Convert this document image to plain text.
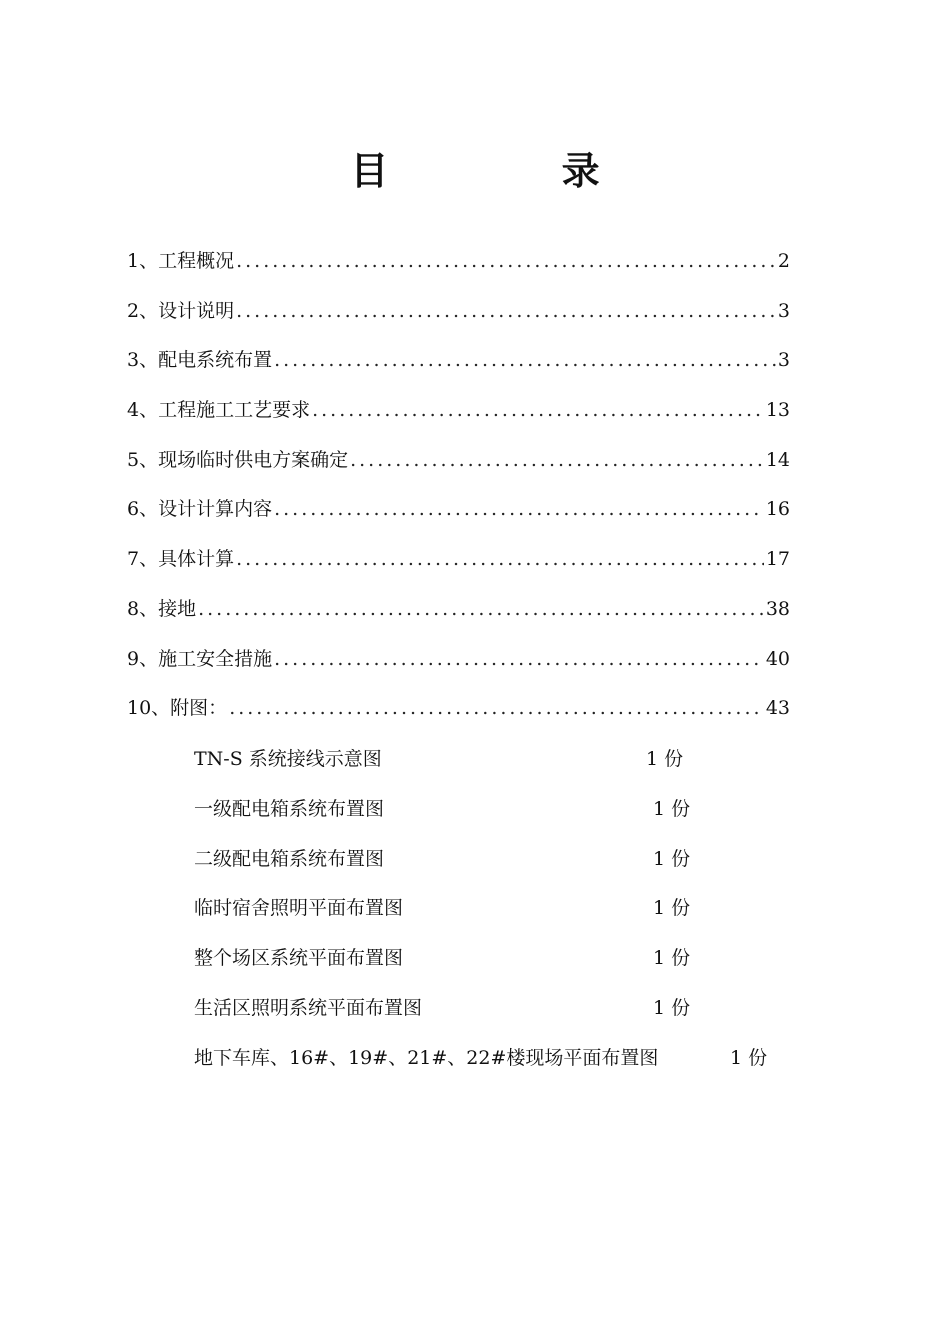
目 录
1、工程概况 .....	2
2、设计说明 .....	3
3、配电系统布置 .....	3
4、工程施工工艺要求 .....	13
5、现场临时供电方案确定 .....	14
6、设计计算内容 .....	16
7、具体计算 .....	17
8、接地 .....	38
9、施工安全措施 .....	40
10、附图： .....	43
TN-S 系统接线示意图	1 份
一级配电箱系统布置图	1 份
二级配电箱系统布置图	1 份
临时宿舍照明平面布置图	1 份
整个场区系统平面布置图	1 份
生活区照明系统平面布置图	1 份
地下车库、16#、19#、21#、22#楼现场平面布置图	1 份
